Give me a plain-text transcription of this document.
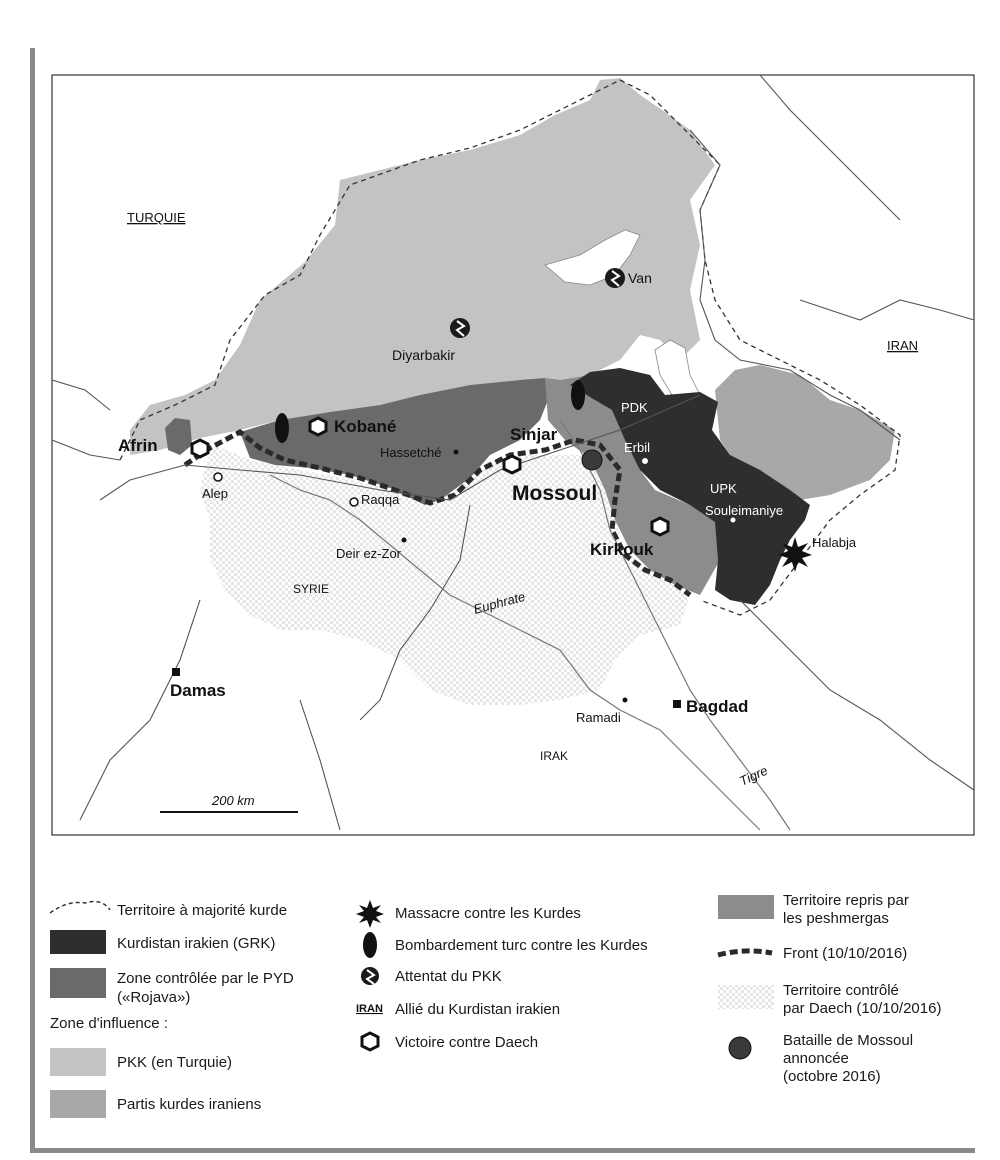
TURQUIE
IRAN
SYRIE
IRAK
Van
Diyarbakir
Afrin
Kobané
Hassetché
Sinjar
Mossoul
PDK
Erbil
UPK
Souleimaniye
Halabja
Kirkouk
Alep	Raqqa
Deir ez-Zor
Damas
Bagdad
Ramadi
Euphrate
Tigre
200 km
Territoire à majorité kurde
Kurdistan irakien (GRK)
Zone contrôlée par le PYD
(«Rojava»)
Zone d'influence :
PKK (en Turquie)
Partis kurdes iraniens
Massacre contre les Kurdes
Bombardement turc contre les Kurdes
Attentat du PKK
IRAN Allié du Kurdistan irakien
Victoire contre Daech
Territoire repris par
les peshmergas
Front (10/10/2016)
Territoire contrôlé
par Daech (10/10/2016)
Bataille de Mossoul
annoncée
(octobre 2016)
